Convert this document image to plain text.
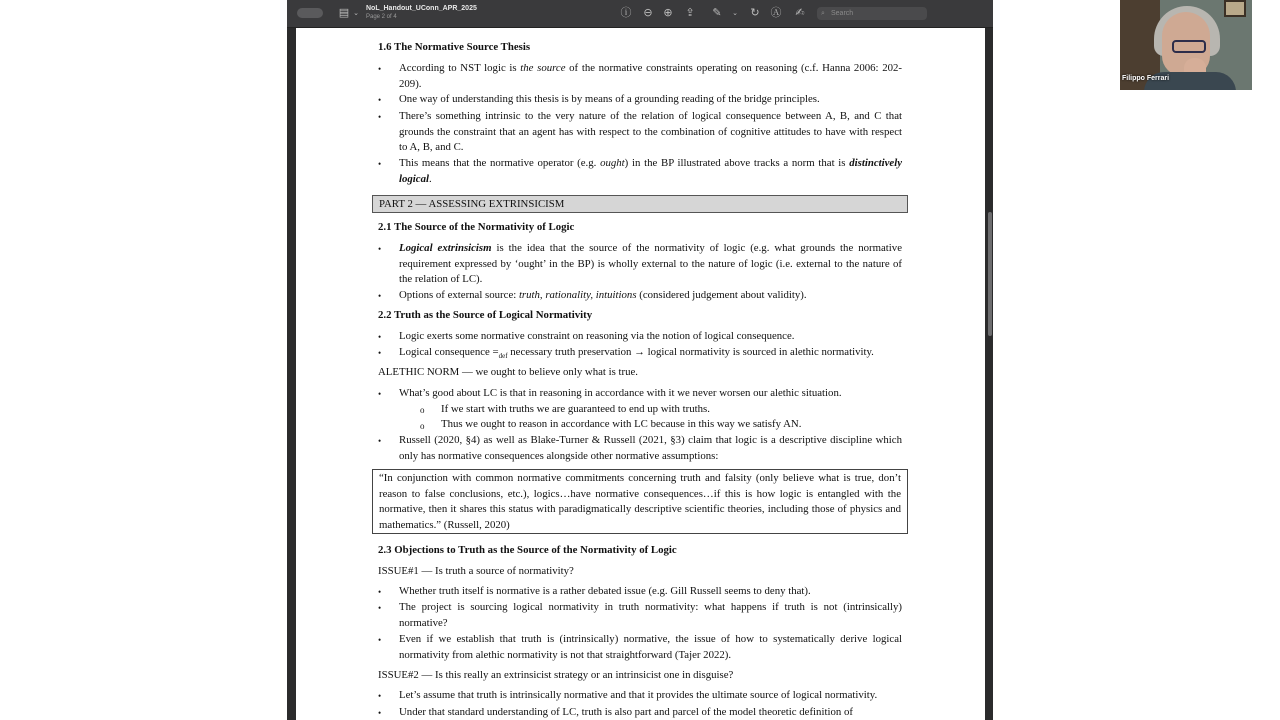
▤ ⌄
NoL_Handout_UConn_APR_2025
Page 2 of 4	ⓘ ⊖ ⊕ ⇪ ✎	⌄	↻ Ⓐ ✍	⌕ Search
1.6 The Normative Source Thesis
• According to NST logic is the source of the normative constraints operating on reasoning (c.f. Hanna 2006: 202-209).
• One way of understanding this thesis is by means of a grounding reading of the bridge principles.
• There’s something intrinsic to the very nature of the relation of logical consequence between A, B, and C that grounds the constraint that an agent has with respect to the combination of cognitive attitudes to have with respect to A, B, and C.
• This means that the normative operator (e.g. ought) in the BP illustrated above tracks a norm that is distinctively logical.
PART 2 — ASSESSING EXTRINSICISM
2.1 The Source of the Normativity of Logic
• Logical extrinsicism is the idea that the source of the normativity of logic (e.g. what grounds the normative requirement expressed by ‘ought’ in the BP) is wholly external to the nature of logic (i.e. external to the nature of the relation of LC).
• Options of external source: truth, rationality, intuitions (considered judgement about validity).
2.2 Truth as the Source of Logical Normativity
• Logic exerts some normative constraint on reasoning via the notion of logical consequence.
• Logical consequence $=_{def}$ necessary truth preservation → logical normativity is sourced in alethic normativity.
ALETHIC NORM — we ought to believe only what is true.
• What’s good about LC is that in reasoning in accordance with it we never worsen our alethic situation.
o If we start with truths we are guaranteed to end up with truths.
o Thus we ought to reason in accordance with LC because in this way we satisfy AN.
• Russell (2020, §4) as well as Blake-Turner & Russell (2021, §3) claim that logic is a descriptive discipline which only has normative consequences alongside other normative assumptions:
“In conjunction with common normative commitments concerning truth and falsity (only believe what is true, don’t reason to false conclusions, etc.), logics…have normative consequences…if this is how logic is entangled with the normative, then it shares this status with paradigmatically descriptive scientific theories, including those of physics and mathematics.” (Russell, 2020)
2.3 Objections to Truth as the Source of the Normativity of Logic
ISSUE#1 — Is truth a source of normativity?
• Whether truth itself is normative is a rather debated issue (e.g. Gill Russell seems to deny that).
• The project is sourcing logical normativity in truth normativity: what happens if truth is not (intrinsically) normative?
• Even if we establish that truth is (intrinsically) normative, the issue of how to systematically derive logical normativity from alethic normativity is not that straightforward (Tajer 2022).
ISSUE#2 — Is this really an extrinsicist strategy or an intrinsicist one in disguise?
• Let’s assume that truth is intrinsically normative and that it provides the ultimate source of logical normativity.
• Under that standard understanding of LC, truth is also part and parcel of the model theoretic definition of
Filippo Ferrari
